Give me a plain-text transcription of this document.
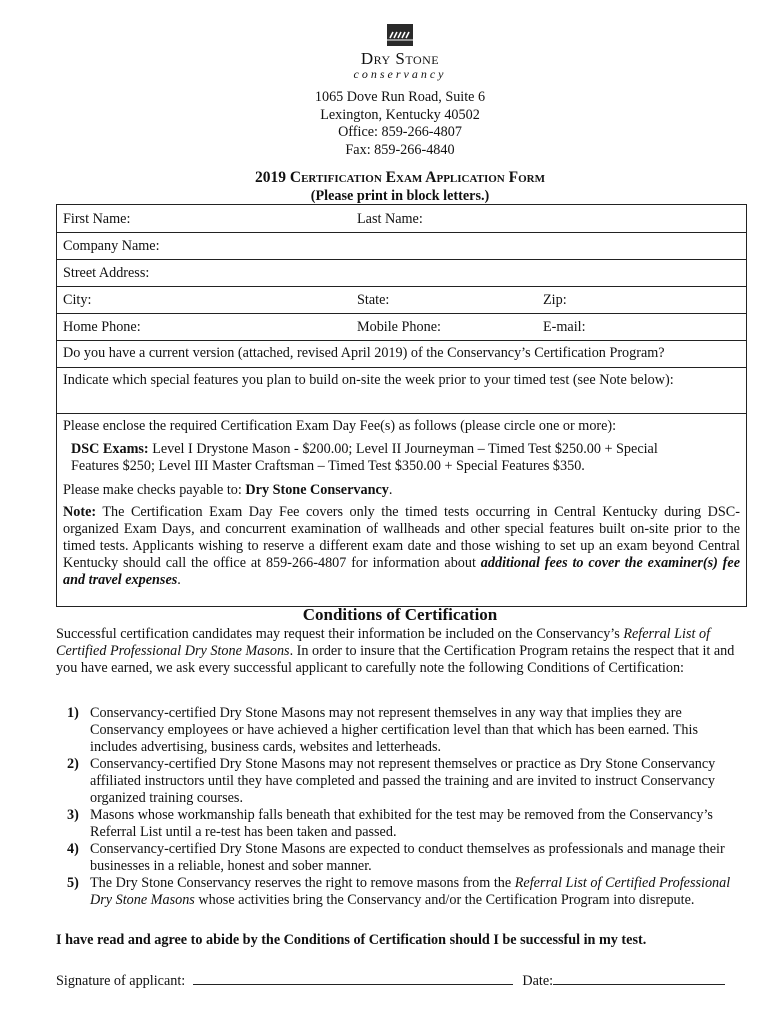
Dry Stone
conservancy
1065 Dove Run Road, Suite 6
Lexington, Kentucky 40502
Office: 859-266-4807
Fax: 859-266-4840
2019 Certification Exam Application Form
(Please print in block letters.)
First Name:	Last Name:
Company Name:
Street Address:
City:	State:	Zip:
Home Phone:	Mobile Phone:	E-mail:
Do you have a current version (attached, revised April 2019) of the Conservancy’s Certification Program?
Indicate which special features you plan to build on-site the week prior to your timed test (see Note below):
Please enclose the required Certification Exam Day Fee(s) as follows (please circle one or more):
DSC Exams: Level I Drystone Mason - $200.00; Level II Journeyman – Timed Test $250.00 + Special
Features $250; Level III Master Craftsman – Timed Test $350.00 + Special Features $350.
Please make checks payable to: Dry Stone Conservancy.
Note: The Certification Exam Day Fee covers only the timed tests occurring in Central Kentucky during DSC-organized Exam Days, and concurrent examination of wallheads and other special features built on-site prior to the timed tests. Applicants wishing to reserve a different exam date and those wishing to set up an exam beyond Central Kentucky should call the office at 859-266-4807 for information about additional fees to cover the examiner(s) fee and travel expenses.
Conditions of Certification
Successful certification candidates may request their information be included on the Conservancy’s Referral List of Certified Professional Dry Stone Masons. In order to insure that the Certification Program retains the respect that it and you have earned, we ask every successful applicant to carefully note the following Conditions of Certification:
1) Conservancy-certified Dry Stone Masons may not represent themselves in any way that implies they are Conservancy employees or have achieved a higher certification level than that which has been earned. This includes advertising, business cards, websites and letterheads.
2) Conservancy-certified Dry Stone Masons may not represent themselves or practice as Dry Stone Conservancy affiliated instructors until they have completed and passed the training and are invited to instruct Conservancy organized training courses.
3) Masons whose workmanship falls beneath that exhibited for the test may be removed from the Conservancy’s Referral List until a re-test has been taken and passed.
4) Conservancy-certified Dry Stone Masons are expected to conduct themselves as professionals and manage their businesses in a reliable, honest and sober manner.
5) The Dry Stone Conservancy reserves the right to remove masons from the Referral List of Certified Professional Dry Stone Masons whose activities bring the Conservancy and/or the Certification Program into disrepute.
I have read and agree to abide by the Conditions of Certification should I be successful in my test.
Signature of applicant:	Date:
